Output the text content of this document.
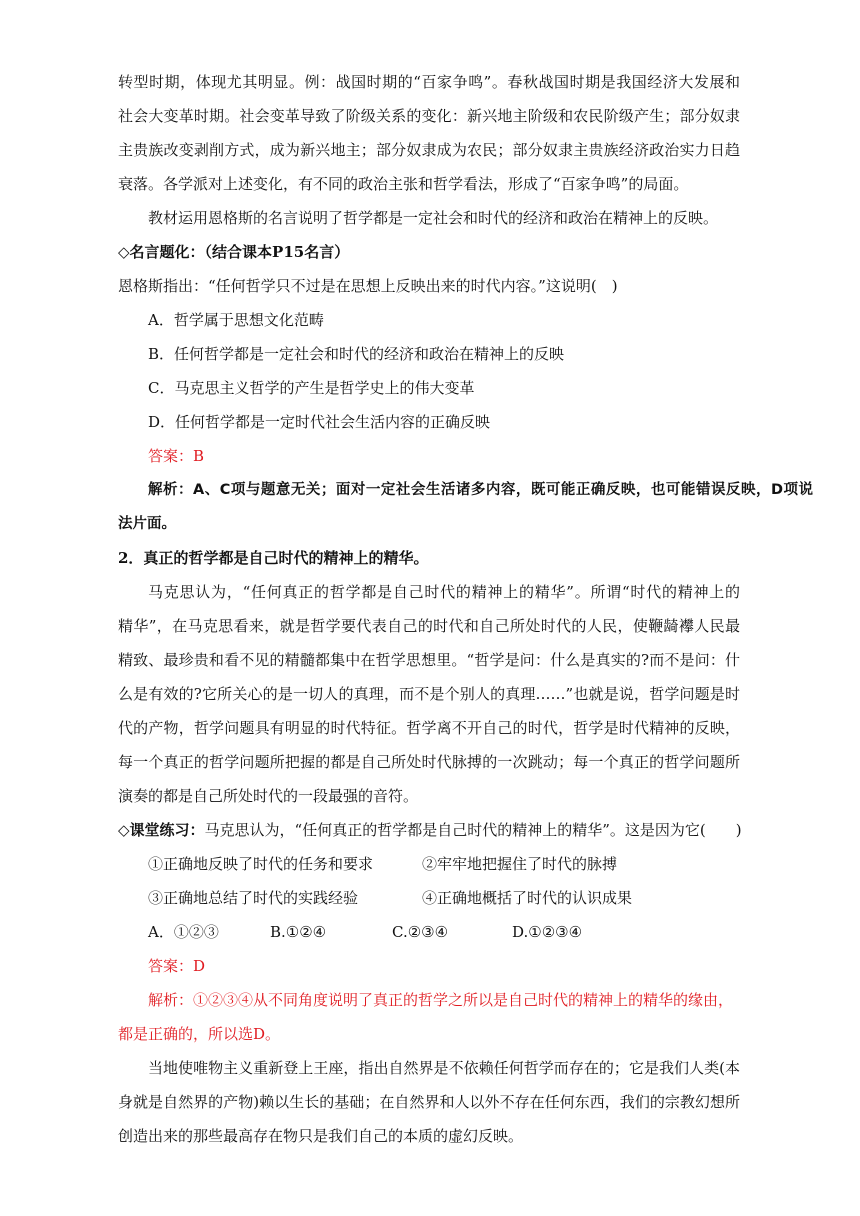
转型时期，体现尤其明显。例：战国时期的“百家争鸣”。春秋战国时期是我国经济大发展和
社会大变革时期。社会变革导致了阶级关系的变化：新兴地主阶级和农民阶级产生；部分奴隶
主贵族改变剥削方式，成为新兴地主；部分奴隶成为农民；部分奴隶主贵族经济政治实力日趋
衰落。各学派对上述变化，有不同的政治主张和哲学看法，形成了“百家争鸣”的局面。
教材运用恩格斯的名言说明了哲学都是一定社会和时代的经济和政治在精神上的反映。
◇名言题化：（结合课本P15名言）
恩格斯指出：“任何哲学只不过是在思想上反映出来的时代内容。”这说明(　)
A．哲学属于思想文化范畴
B．任何哲学都是一定社会和时代的经济和政治在精神上的反映
C．马克思主义哲学的产生是哲学史上的伟大变革
D．任何哲学都是一定时代社会生活内容的正确反映
答案：B
解析：A、C项与题意无关；面对一定社会生活诸多内容，既可能正确反映，也可能错误反映，D项说
法片面。
2．真正的哲学都是自己时代的精神上的精华。
马克思认为，“任何真正的哲学都是自己时代的精神上的精华”。所谓“时代的精神上的
精华”，在马克思看来，就是哲学要代表自己的时代和自己所处时代的人民，使鞭𬺈襻人民最
精致、最珍贵和看不见的精髓都集中在哲学思想里。“哲学是问：什么是真实的?而不是问：什
么是有效的?它所关心的是一切人的真理，而不是个别人的真理……”也就是说，哲学问题是时
代的产物，哲学问题具有明显的时代特征。哲学离不开自己的时代，哲学是时代精神的反映，
每一个真正的哲学问题所把握的都是自己所处时代脉搏的一次跳动；每一个真正的哲学问题所
演奏的都是自己所处时代的一段最强的音符。
◇课堂练习：马克思认为，“任何真正的哲学都是自己时代的精神上的精华”。这是因为它(　　)
①正确地反映了时代的任务和要求	②牢牢地把握住了时代的脉搏
③正确地总结了时代的实践经验	④正确地概括了时代的认识成果
A．①②③	B.①②④	C.②③④	D.①②③④
答案：D
解析：①②③④从不同角度说明了真正的哲学之所以是自己时代的精神上的精华的缘由，
都是正确的，所以选D。
当地使唯物主义重新登上王座，指出自然界是不依赖任何哲学而存在的；它是我们人类(本
身就是自然界的产物)赖以生长的基础；在自然界和人以外不存在任何东西，我们的宗教幻想所
创造出来的那些最高存在物只是我们自己的本质的虚幻反映。
